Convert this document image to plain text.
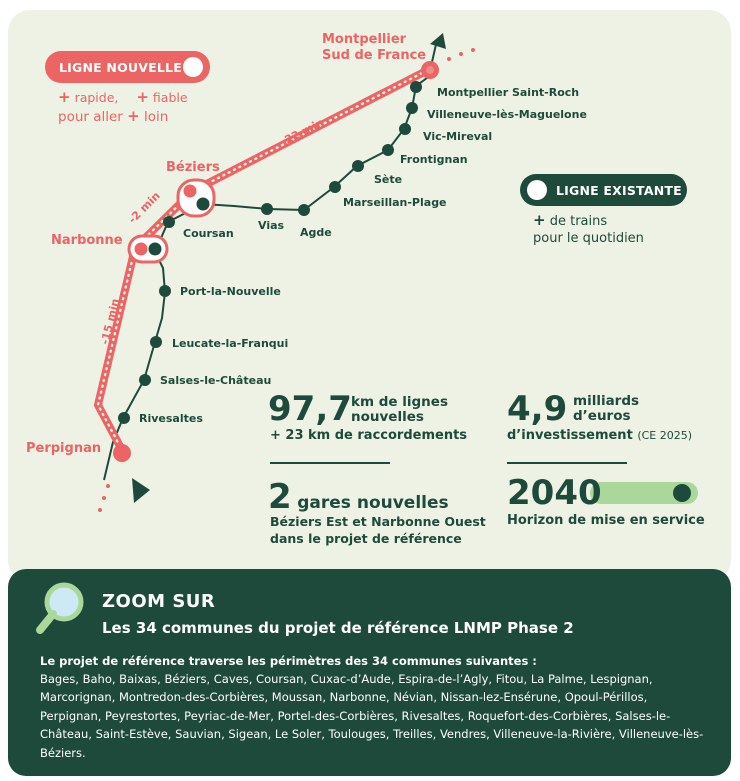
-22 min
-2 min
-15 min
Montpellier
Sud de France
Béziers
Narbonne
Perpignan
Montpellier Saint-Roch
Villeneuve-lès-Maguelone
Vic-Mireval
Frontignan
Sète
Marseillan-Plage
Agde
Vias
Coursan
Port-la-Nouvelle
Leucate-la-Franqui
Salses-le-Château
Rivesaltes
LIGNE NOUVELLE
+ rapide, + fiable
pour aller + loin
LIGNE EXISTANTE
+ de trains
pour le quotidien
97,7 km de lignes
nouvelles
+ 23 km de raccordements
4,9 milliards
d’euros
d’investissement (CE 2025)
2 gares nouvelles
Béziers Est et Narbonne Ouest
dans le projet de référence
2040
Horizon de mise en service
ZOOM SUR
Les 34 communes du projet de référence LNMP Phase 2
Le projet de référence traverse les périmètres des 34 communes suivantes :
Bages, Baho, Baixas, Béziers, Caves, Coursan, Cuxac-d’Aude, Espira-de-l’Agly, Fitou, La Palme, Lespignan, Marcorignan, Montredon-des-Corbières, Moussan, Narbonne, Névian, Nissan-lez-Ensérune, Opoul-Périllos, Perpignan, Peyrestortes, Peyriac-de-Mer, Portel-des-Corbières, Rivesaltes, Roquefort-des-Corbières, Salses-le-Château, Saint-Estève, Sauvian, Sigean, Le Soler, Toulouges, Treilles, Vendres, Villeneuve-la-Rivière, Villeneuve-lès-Béziers.
